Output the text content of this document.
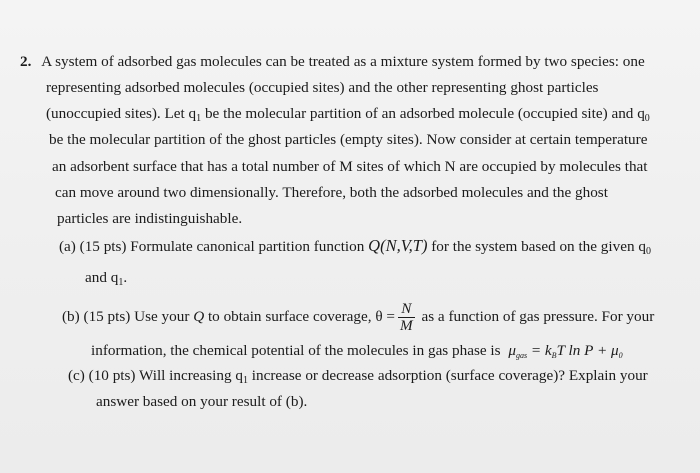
2. A system of adsorbed gas molecules can be treated as a mixture system formed by two species: one
representing adsorbed molecules (occupied sites) and the other representing ghost particles
(unoccupied sites). Let $q_1$ be the molecular partition of an adsorbed molecule (occupied site) and $q_0$
be the molecular partition of the ghost particles (empty sites). Now consider at certain temperature
an adsorbent surface that has a total number of M sites of which N are occupied by molecules that
can move around two dimensionally. Therefore, both the adsorbed molecules and the ghost
particles are indistinguishable.
(a) (15 pts) Formulate canonical partition function Q(N,V,T) for the system based on the given $q_0$
and $q_1$.
(b) (15 pts) Use your Q to obtain surface coverage, $\theta = \frac{N}{M}$ as a function of gas pressure. For your
information, the chemical potential of the molecules in gas phase is μgas = kBT ln P + μ0
(c) (10 pts) Will increasing $q_1$ increase or decrease adsorption (surface coverage)? Explain your
answer based on your result of (b).
